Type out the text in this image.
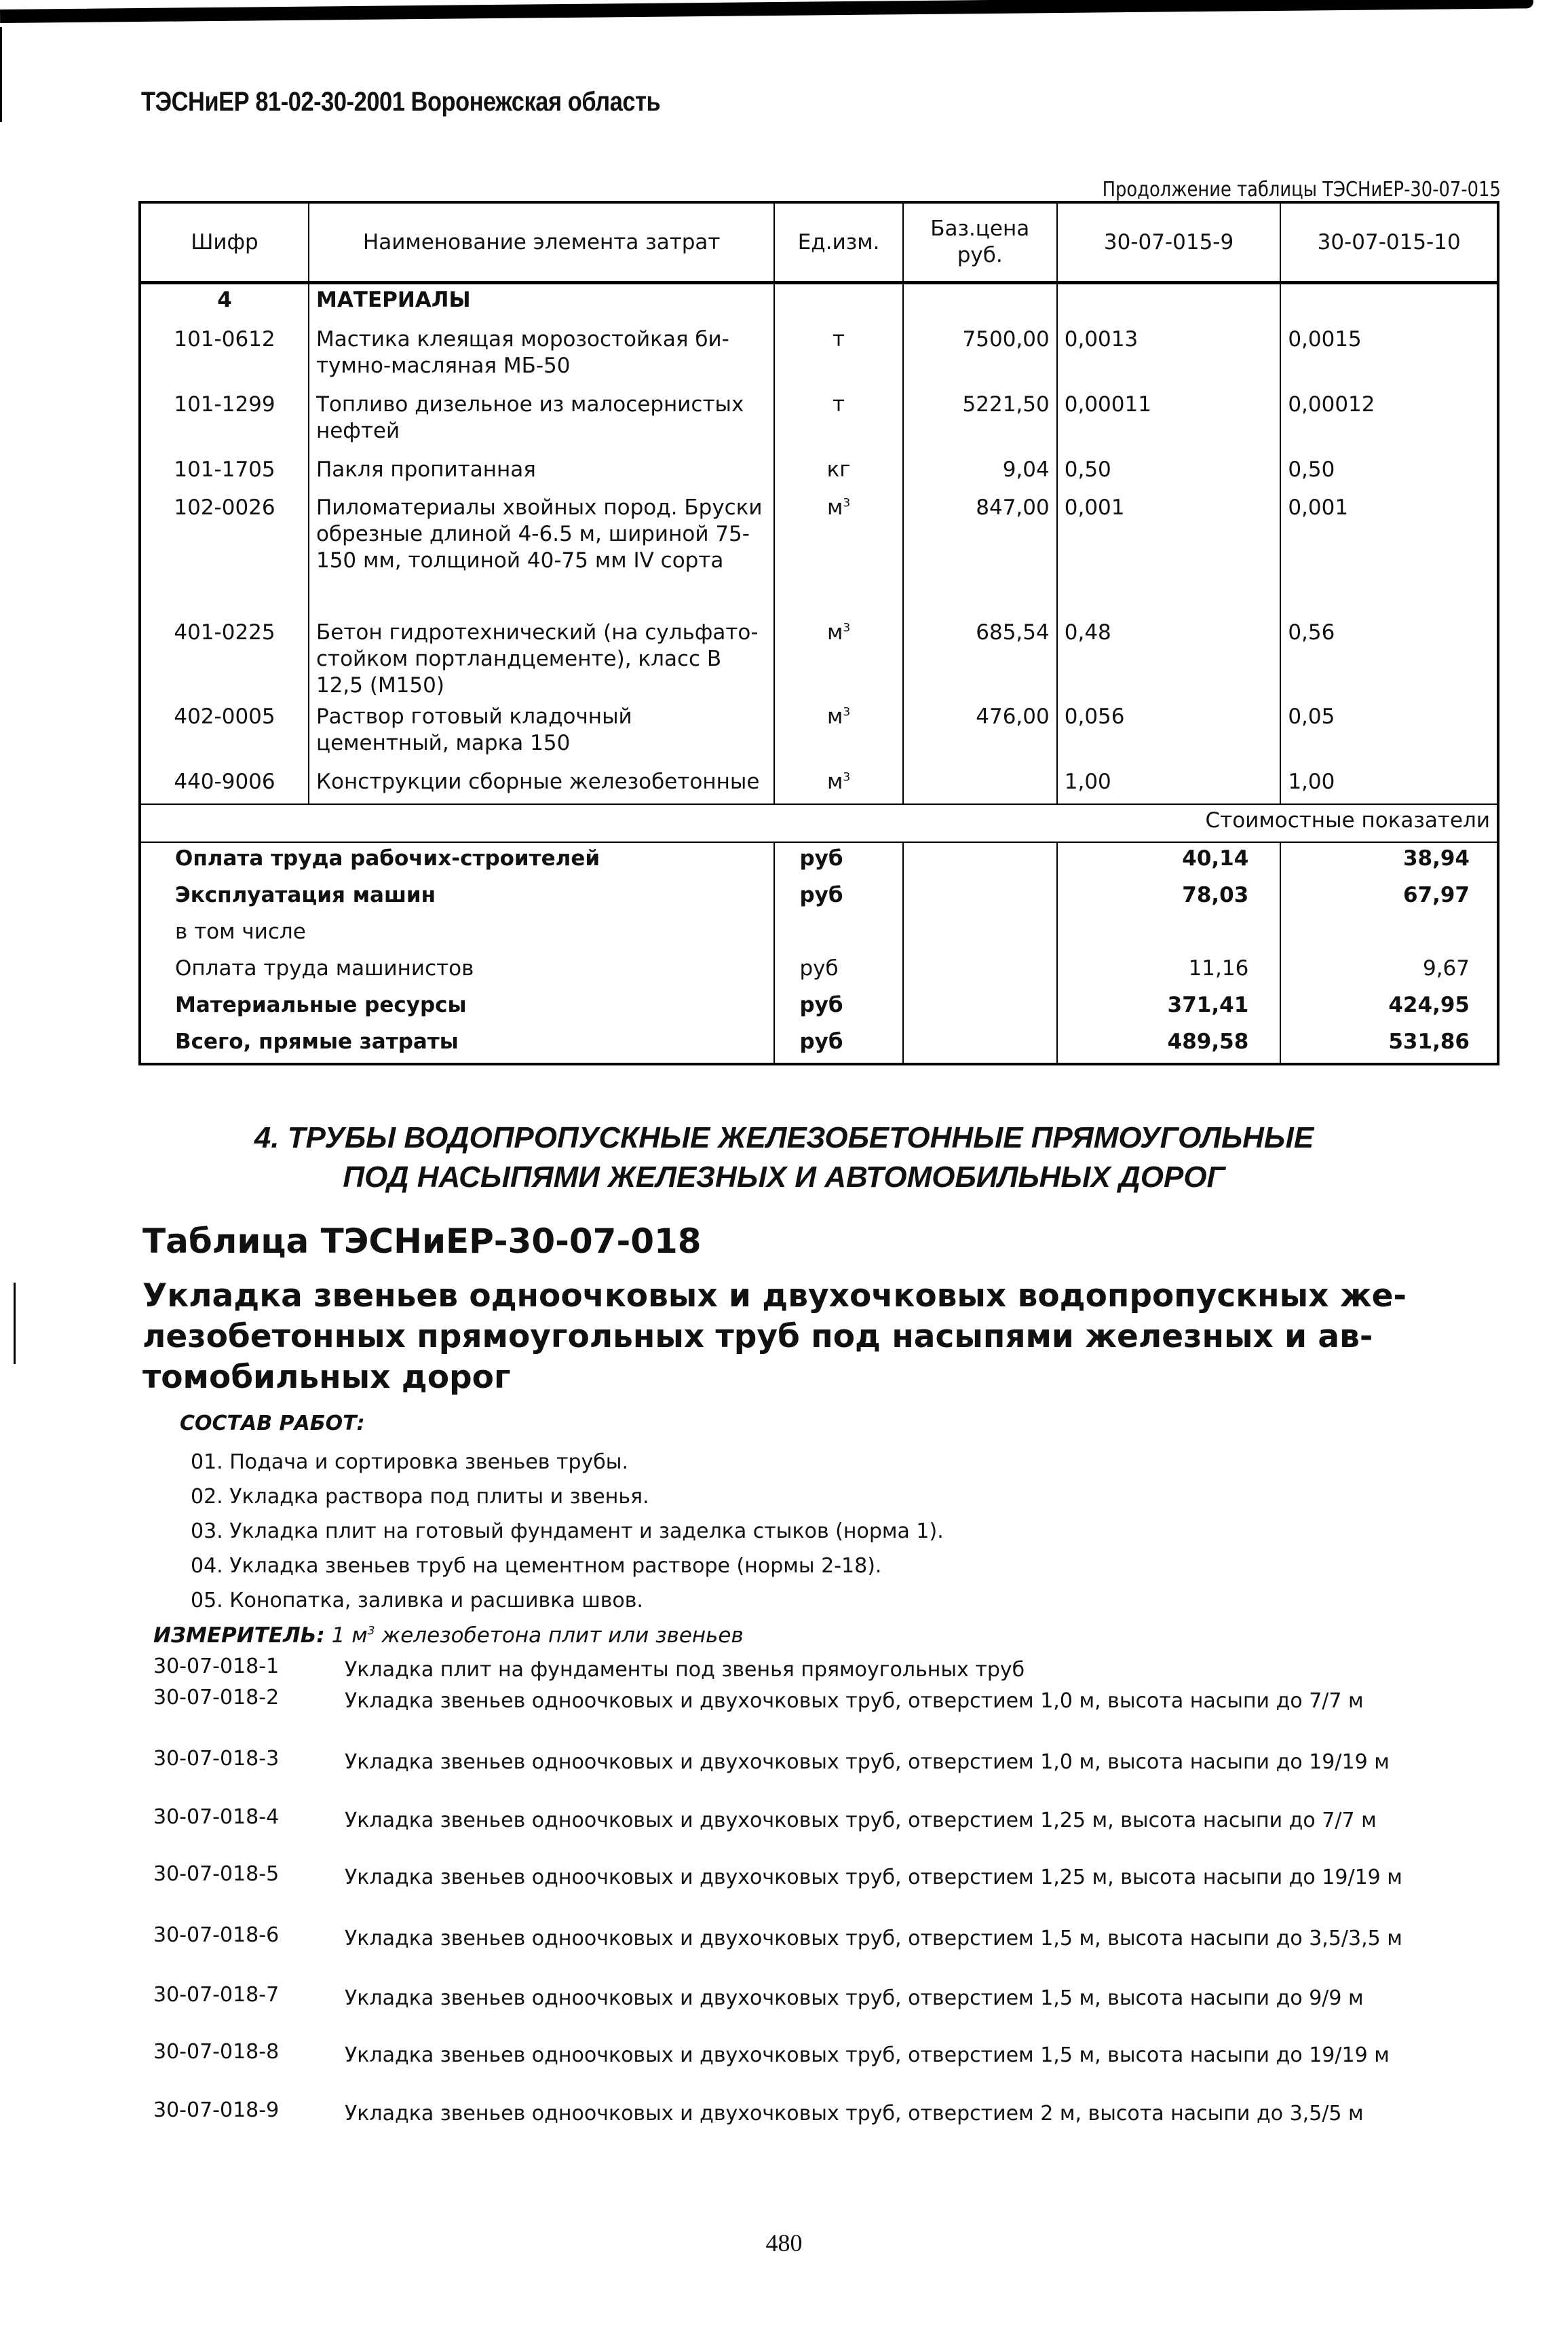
ТЭСНиЕР 81-02-30-2001 Воронежская область
Продолжение таблицы ТЭСНиЕР-30-07-015
Шифр	Наименование элемента затрат	Ед.изм.	Баз.цена руб.	30-07-015-9	30-07-015-10
4	МАТЕРИАЛЫ				
101-0612	Мастика клеящая морозостойкая би-тумно-масляная МБ-50	т	7500,00	0,0013	0,0015
101-1299	Топливо дизельное из малосернистых нефтей	т	5221,50	0,00011	0,00012
101-1705	Пакля пропитанная	кг	9,04	0,50	0,50
102-0026	Пиломатериалы хвойных пород. Бруски обрезные длиной 4-6.5 м, шириной 75-150 мм, толщиной 40-75 мм IV сорта	$м^3$	847,00	0,001	0,001
401-0225	Бетон гидротехнический (на сульфато-стойком портландцементе), класс В 12,5 (М150)	$м^3$	685,54	0,48	0,56
402-0005	Раствор готовый кладочный цементный, марка 150	$м^3$	476,00	0,056	0,05
440-9006	Конструкции сборные железобетонные	$м^3$		1,00	1,00
Стоимостные показатели					
Оплата труда рабочих-строителей		руб		40,14	38,94
Эксплуатация машин		руб		78,03	67,97
в том числе					
Оплата труда машинистов		руб		11,16	9,67
Материальные ресурсы		руб		371,41	424,95
Всего, прямые затраты		руб		489,58	531,86
4. ТРУБЫ ВОДОПРОПУСКНЫЕ ЖЕЛЕЗОБЕТОННЫЕ ПРЯМОУГОЛЬНЫЕ
ПОД НАСЫПЯМИ ЖЕЛЕЗНЫХ И АВТОМОБИЛЬНЫХ ДОРОГ
Таблица ТЭСНиЕР-30-07-018
Укладка звеньев одноочковых и двухочковых водопропускных же-
лезобетонных прямоугольных труб под насыпями железных и ав-
томобильных дорог
СОСТАВ РАБОТ:
01. Подача и сортировка звеньев трубы.
02. Укладка раствора под плиты и звенья.
03. Укладка плит на готовый фундамент и заделка стыков (норма 1).
04. Укладка звеньев труб на цементном растворе (нормы 2-18).
05. Конопатка, заливка и расшивка швов.
ИЗМЕРИТЕЛЬ: 1 $м^3$ железобетона плит или звеньев
30-07-018-1	Укладка плит на фундаменты под звенья прямоугольных труб
30-07-018-2	Укладка звеньев одноочковых и двухочковых труб, отверстием 1,0 м, высота насыпи до 7/7 м
30-07-018-3	Укладка звеньев одноочковых и двухочковых труб, отверстием 1,0 м, высота насыпи до 19/19 м
30-07-018-4	Укладка звеньев одноочковых и двухочковых труб, отверстием 1,25 м, высота насыпи до 7/7 м
30-07-018-5	Укладка звеньев одноочковых и двухочковых труб, отверстием 1,25 м, высота насыпи до 19/19 м
30-07-018-6	Укладка звеньев одноочковых и двухочковых труб, отверстием 1,5 м, высота насыпи до 3,5/3,5 м
30-07-018-7	Укладка звеньев одноочковых и двухочковых труб, отверстием 1,5 м, высота насыпи до 9/9 м
30-07-018-8	Укладка звеньев одноочковых и двухочковых труб, отверстием 1,5 м, высота насыпи до 19/19 м
30-07-018-9	Укладка звеньев одноочковых и двухочковых труб, отверстием 2 м, высота насыпи до 3,5/5 м
480
